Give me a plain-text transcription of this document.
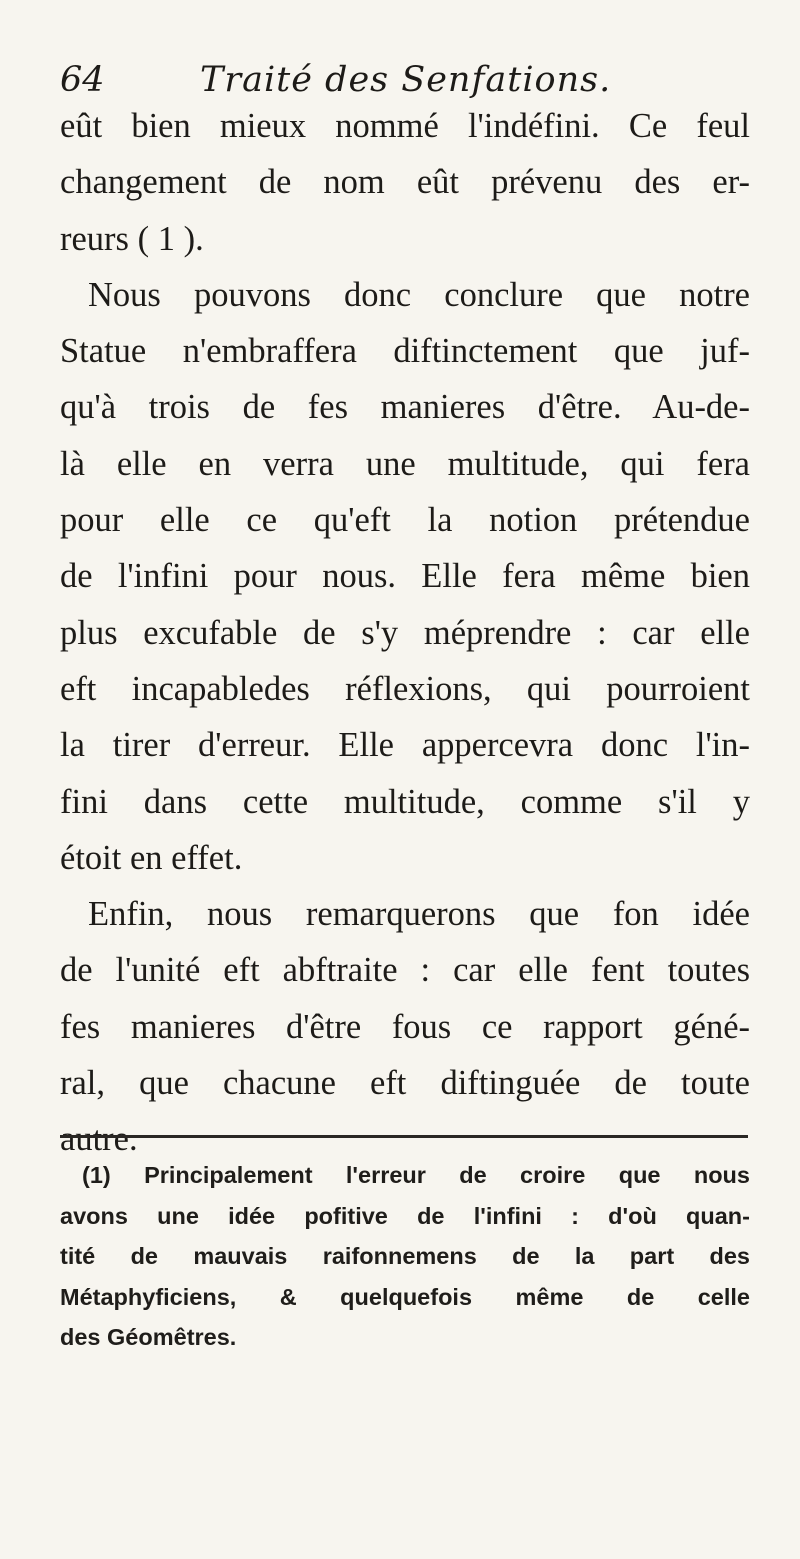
64	Traité des Senfations.
eût bien mieux nommé l'indéfini. Ce feul
changement de nom eût prévenu des er-
reurs ( 1 ).
Nous pouvons donc conclure que notre
Statue n'embraffera diftinctement que juf-
qu'à trois de fes manieres d'être. Au-de-
là elle en verra une multitude, qui fera
pour elle ce qu'eft la notion prétendue
de l'infini pour nous. Elle fera même bien
plus excufable de s'y méprendre : car elle
eft incapabledes réflexions, qui pourroient
la tirer d'erreur. Elle appercevra donc l'in-
fini dans cette multitude, comme s'il y
étoit en effet.
Enfin, nous remarquerons que fon idée
de l'unité eft abftraite : car elle fent toutes
fes manieres d'être fous ce rapport géné-
ral, que chacune eft diftinguée de toute
autre.
(1) Principalement l'erreur de croire que nous
avons une idée pofitive de l'infini : d'où quan-
tité de mauvais raifonnemens de la part des
Métaphyficiens, & quelquefois même de celle
des Géomêtres.
